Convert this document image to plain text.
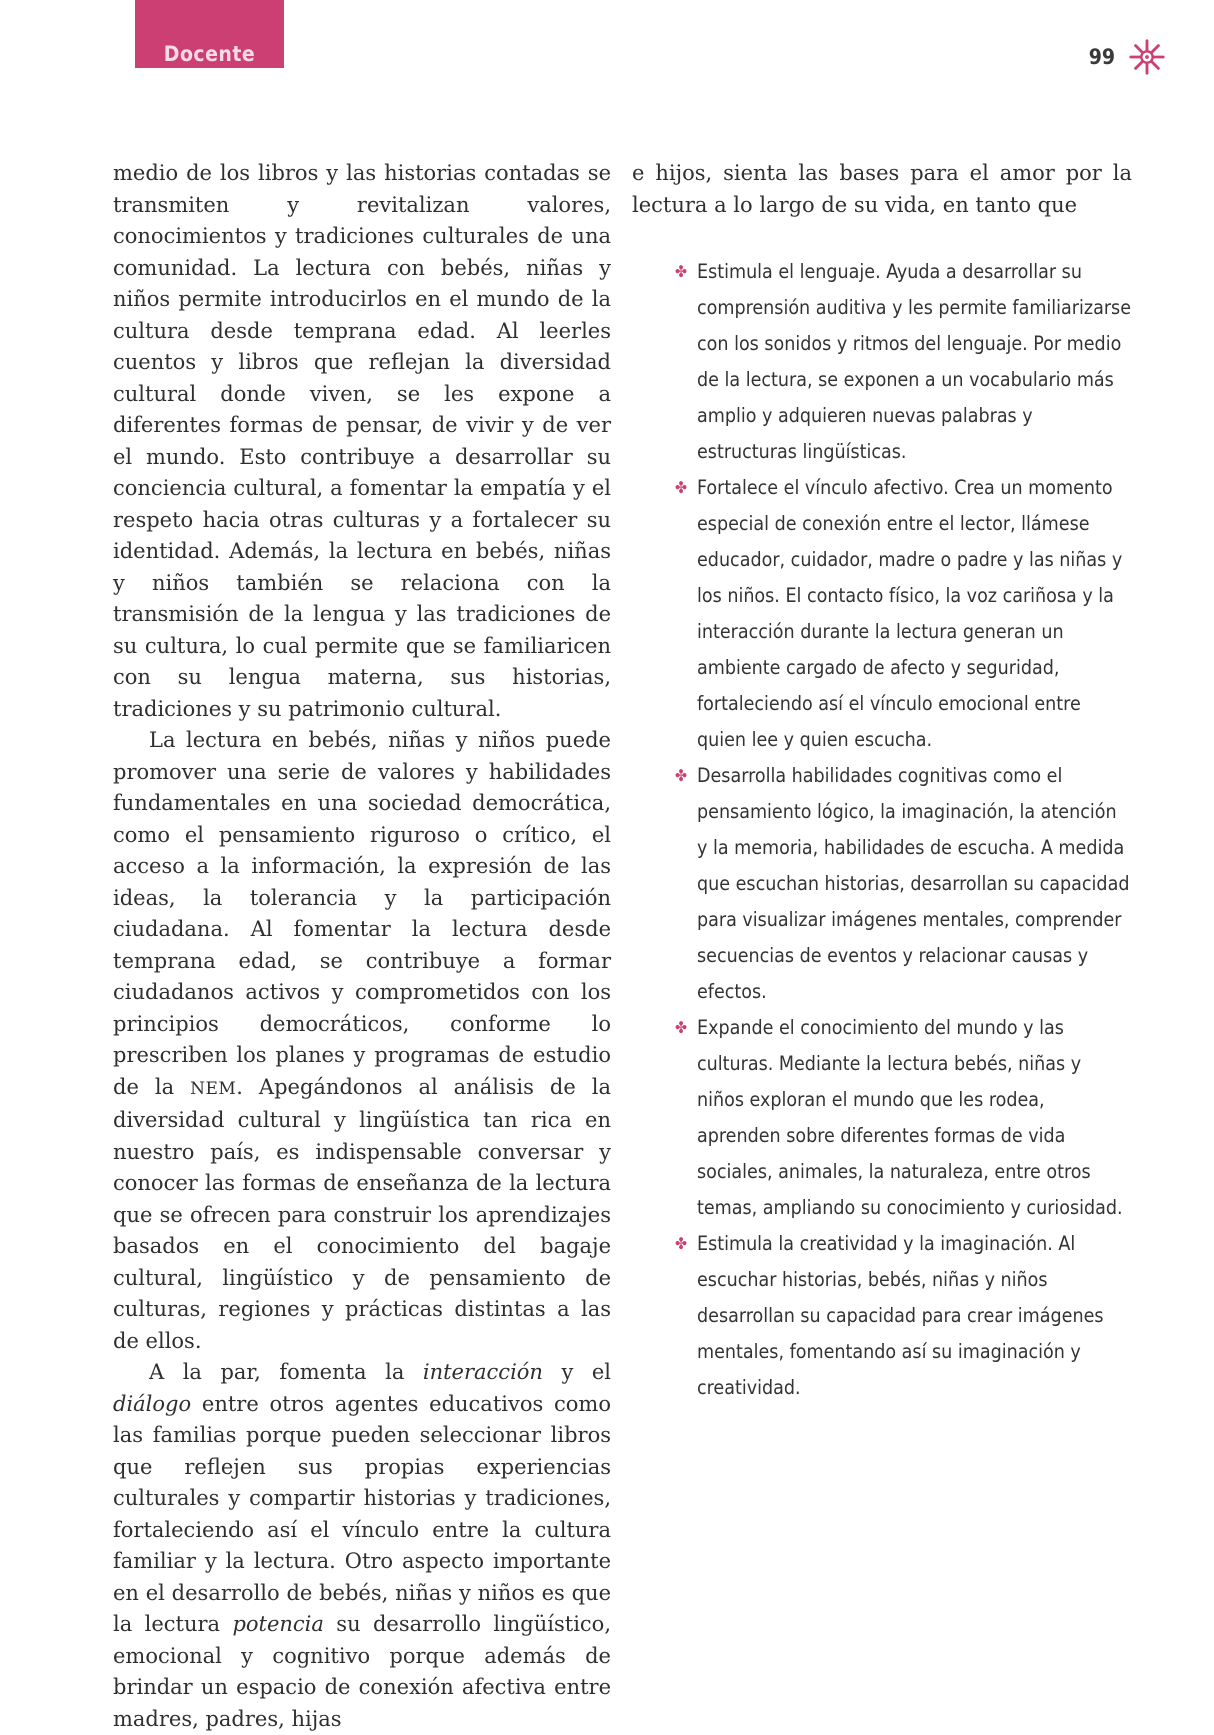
Docente	99

medio de los libros y las historias contadas se transmiten y revitalizan valores, conocimientos y tradiciones culturales de una comunidad. La lectura con bebés, niñas y niños permite introducirlos en el mundo de la cultura desde temprana edad. Al leerles cuentos y libros que reflejan la diversidad cultural donde viven, se les expone a diferentes formas de pensar, de vivir y de ver el mundo. Esto contribuye a desarrollar su conciencia cultural, a fomentar la empatía y el respeto hacia otras culturas y a fortalecer su identidad. Además, la lectura en bebés, niñas y niños también se relaciona con la transmisión de la lengua y las tradiciones de su cultura, lo cual permite que se familiaricen con su lengua materna, sus historias, tradiciones y su patrimonio cultural.

La lectura en bebés, niñas y niños puede promover una serie de valores y habilidades fundamentales en una sociedad democrática, como el pensamiento riguroso o crítico, el acceso a la información, la expresión de las ideas, la tolerancia y la participación ciudadana. Al fomentar la lectura desde temprana edad, se contribuye a formar ciudadanos activos y comprometidos con los principios democráticos, conforme lo prescriben los planes y programas de estudio de la NEM. Apegándonos al análisis de la diversidad cultural y lingüística tan rica en nuestro país, es indispensable conversar y conocer las formas de enseñanza de la lectura que se ofrecen para construir los aprendizajes basados en el conocimiento del bagaje cultural, lingüístico y de pensamiento de culturas, regiones y prácticas distintas a las de ellos.

A la par, fomenta la interacción y el diálogo entre otros agentes educativos como las familias porque pueden seleccionar libros que reflejen sus propias experiencias culturales y compartir historias y tradiciones, fortaleciendo así el vínculo entre la cultura familiar y la lectura. Otro aspecto importante en el desarrollo de bebés, niñas y niños es que la lectura potencia su desarrollo lingüístico, emocional y cognitivo porque además de brindar un espacio de conexión afectiva entre madres, padres, hijas

e hijos, sienta las bases para el amor por la lectura a lo largo de su vida, en tanto que

✤ Estimula el lenguaje. Ayuda a desarrollar su comprensión auditiva y les permite familiarizarse con los sonidos y ritmos del lenguaje. Por medio de la lectura, se exponen a un vocabulario más amplio y adquieren nuevas palabras y estructuras lingüísticas.
✤ Fortalece el vínculo afectivo. Crea un momento especial de conexión entre el lector, llámese educador, cuidador, madre o padre y las niñas y los niños. El contacto físico, la voz cariñosa y la interacción durante la lectura generan un ambiente cargado de afecto y seguridad, fortaleciendo así el vínculo emocional entre quien lee y quien escucha.
✤ Desarrolla habilidades cognitivas como el pensamiento lógico, la imaginación, la atención y la memoria, habilidades de escucha. A medida que escuchan historias, desarrollan su capacidad para visualizar imágenes mentales, comprender secuencias de eventos y relacionar causas y efectos.
✤ Expande el conocimiento del mundo y las culturas. Mediante la lectura bebés, niñas y niños exploran el mundo que les rodea, aprenden sobre diferentes formas de vida sociales, animales, la naturaleza, entre otros temas, ampliando su conocimiento y curiosidad.
✤ Estimula la creatividad y la imaginación. Al escuchar historias, bebés, niñas y niños desarrollan su capacidad para crear imágenes mentales, fomentando así su imaginación y creatividad.
